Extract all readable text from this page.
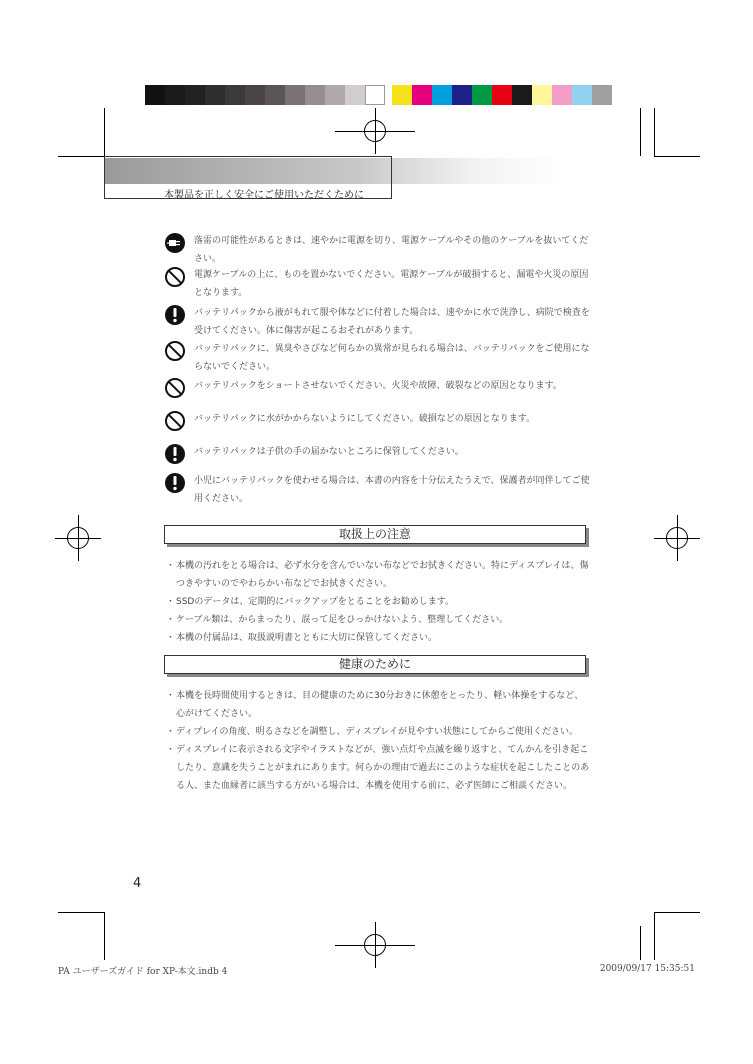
本製品を正しく安全にご使用いただくために
落雷の可能性があるときは、速やかに電源を切り、電源ケーブルやその他のケーブルを抜いてください。
電源ケーブルの上に、ものを置かないでください。電源ケーブルが破損すると、漏電や火災の原因となります。
バッテリパックから液がもれて服や体などに付着した場合は、速やかに水で洗浄し、病院で検査を受けてください。体に傷害が起こるおそれがあります。
バッテリパックに、異臭やさびなど何らかの異常が見られる場合は、バッテリパックをご使用にならないでください。
バッテリパックをショートさせないでください。火災や故障、破裂などの原因となります。
バッテリパックに水がかからないようにしてください。破損などの原因となります。
バッテリパックは子供の手の届かないところに保管してください。
小児にバッテリパックを使わせる場合は、本書の内容を十分伝えたうえで、保護者が同伴してご使用ください。
取扱上の注意
・ 本機の汚れをとる場合は、必ず水分を含んでいない布などでお拭きください。特にディスプレイは、傷つきやすいのでやわらかい布などでお拭きください。
・ SSDのデータは、定期的にバックアップをとることをお勧めします。
・ ケーブル類は、からまったり、誤って足をひっかけないよう、整理してください。
・ 本機の付属品は、取扱説明書とともに大切に保管してください。
健康のために
・ 本機を長時間使用するときは、目の健康のために30分おきに休憩をとったり、軽い体操をするなど、心がけてください。
・ ディプレイの角度、明るさなどを調整し、ディスプレイが見やすい状態にしてからご使用ください。
・ ディスプレイに表示される文字やイラストなどが、強い点灯や点滅を繰り返すと、てんかんを引き起こしたり、意識を失うことがまれにあります。何らかの理由で過去にこのような症状を起こしたことのある人、また血縁者に該当する方がいる場合は、本機を使用する前に、必ず医師にご相談ください。
4
PA ユーザーズガイド for XP-本文.indb 4	2009/09/17 15:35:51
